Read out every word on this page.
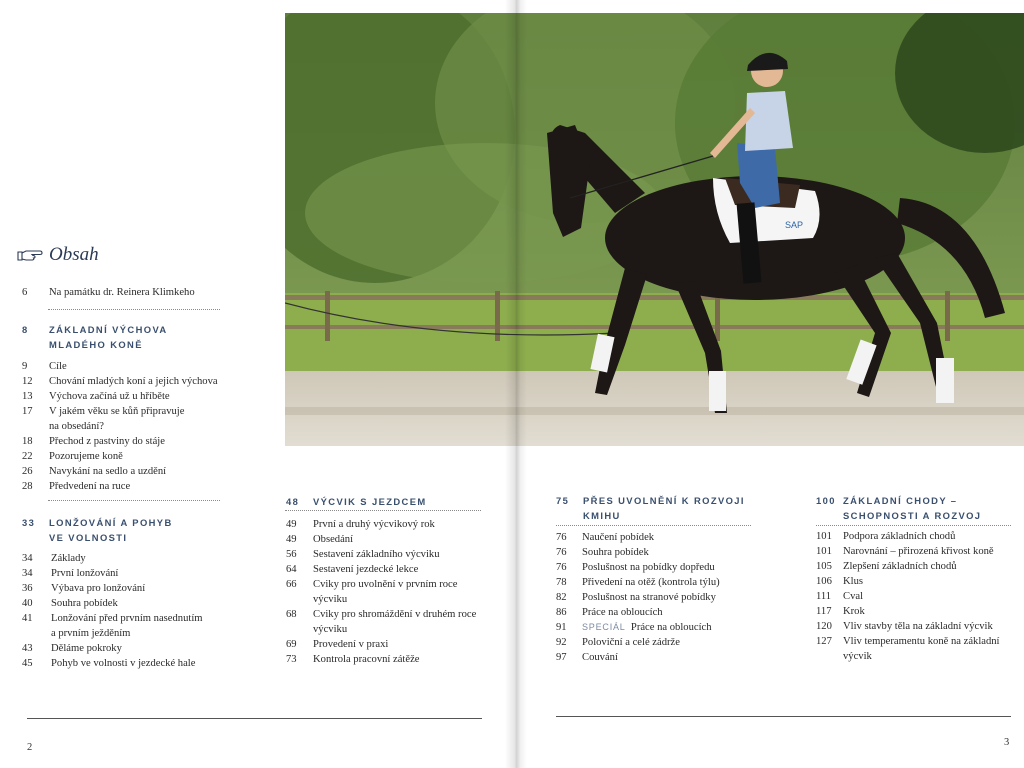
SAP
Obsah
6	Na památku dr. Reinera Klimkeho
8 ZÁKLADNÍ VÝCHOVA
MLADÉHO KONĚ
9	Cíle
12	Chování mladých koní a jejich výchova
13	Výchova začíná už u hříběte
17	V jakém věku se kůň připravuje
na obsedání?
18	Přechod z pastviny do stáje
22	Pozorujeme koně
26	Navykání na sedlo a uzdění
28	Předvedení na ruce
33 LONŽOVÁNÍ A POHYB
VE VOLNOSTI
34	Základy
34	První lonžování
36	Výbava pro lonžování
40	Souhra pobídek
41	Lonžování před prvním nasednutím
a prvním ježděním
43	Děláme pokroky
45	Pohyb ve volnosti v jezdecké hale
48 VÝCVIK S JEZDCEM
49	První a druhý výcvikový rok
49	Obsedání
56	Sestavení základního výcviku
64	Sestavení jezdecké lekce
66	Cviky pro uvolnění v prvním roce
výcviku
68	Cviky pro shromáždění v druhém roce
výcviku
69	Provedení v praxi
73	Kontrola pracovní zátěže
75 PŘES UVOLNĚNÍ K ROZVOJI
KMIHU
76	Naučení pobídek
76	Souhra pobídek
76	Poslušnost na pobídky dopředu
78	Přivedení na otěž (kontrola týlu)
82	Poslušnost na stranové pobídky
86	Práce na obloucích
91	SPECIÁL Práce na obloucích
92	Poloviční a celé zádrže
97	Couvání
100 ZÁKLADNÍ CHODY –
SCHOPNOSTI A ROZVOJ
101	Podpora základních chodů
101	Narovnání – přirozená křivost koně
105	Zlepšení základních chodů
106	Klus
111	Cval
117	Krok
120	Vliv stavby těla na základní výcvik
127	Vliv temperamentu koně na základní
výcvik
2	3
